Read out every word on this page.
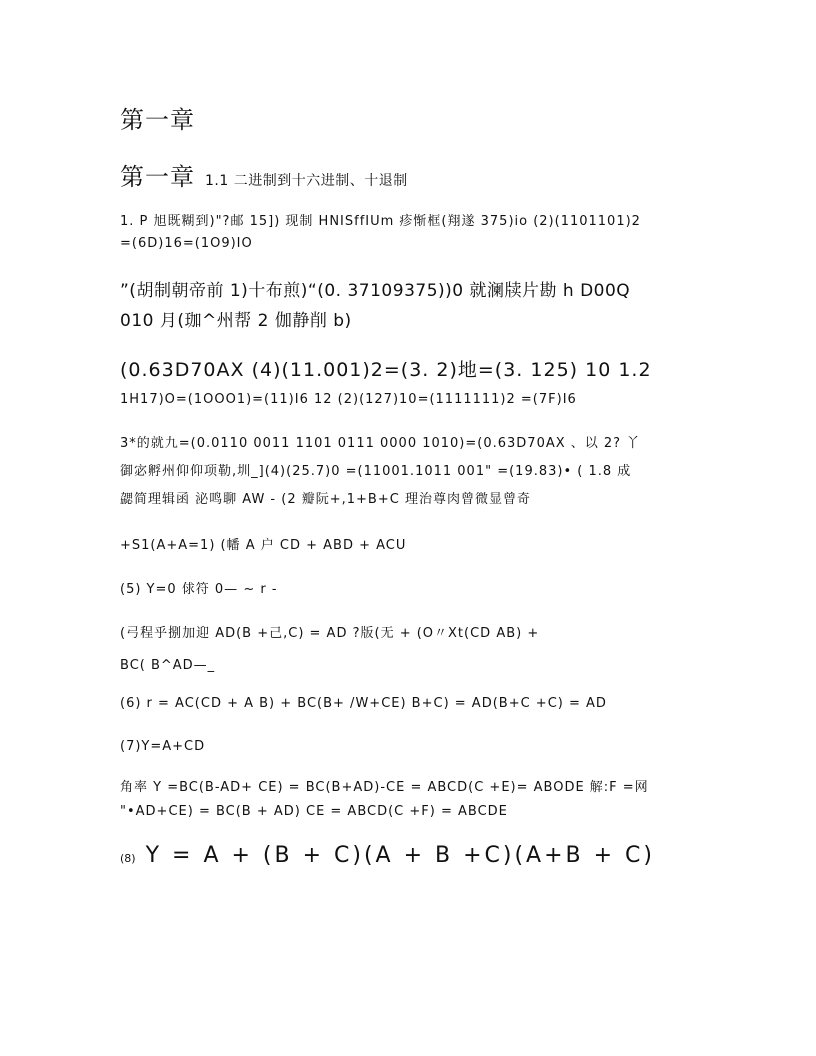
第一章
第一章 1.1 二进制到十六进制、十退制
1. P 旭既糊到)"?邮 15]) 现制 HNISffIUm 疹惭框(翔遂 375)io (2)(1101101)2
=(6D)16=(1O9)IO
”(胡制朝帝前 1)十布煎)“(0. 37109375))0 就澜牍片勘 h D00Q
010 月(珈^州帮 2 伽静削 b)
(0.63D70AX (4)(11.001)2=(3. 2)地=(3. 125) 10 1.2
1H17)O=(1OOO1)=(11)I6 12 (2)(127)10=(1111111)2 =(7F)I6
3*的就九=(0.0110 0011 1101 0111 0000 1010)=(0.63D70AX 、以 2? 丫
御宓孵州仰仰项勒,圳_](4)(25.7)0 =(11001.1011 001" =(19.83)• ( 1.8 成
勰简理辑函 泌鸣聊 AW - (2 瓣阮+,1+B+C 理治尊肉曾微显曾奇
+S1(A+A=1) (幡 A 户 CD + ABD + ACU
(5) Y=0 俅符 0— ~ r -
(弓程乎捌加迎 AD(B +己,C) = AD ?版(无 + (O〃Xt(CD AB) +
BC( B^AD—_
(6) r = AC(CD + A B) + BC(B+ /W+CE) B+C) = AD(B+C +C) = AD
(7)Y=A+CD
角率 Y =BC(B-AD+ CE) = BC(B+AD)-CE = ABCD(C +E)= ABODE 解:F =网
"•AD+CE) = BC(B + AD) CE = ABCD(C +F) = ABCDE
(8) Y = A + (B + C)(A + B +C)(A+B + C)
